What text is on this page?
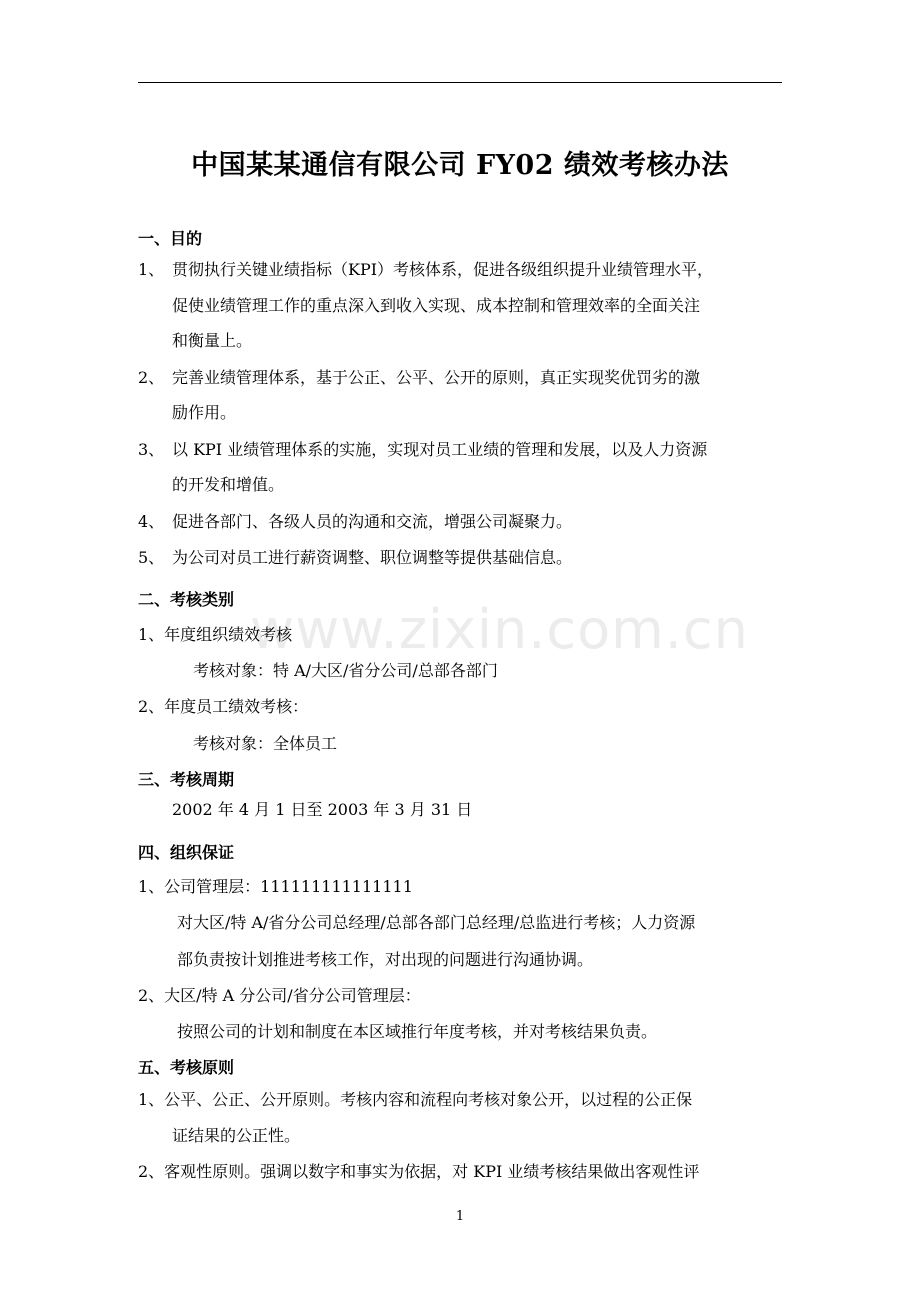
中国某某通信有限公司 FY02 绩效考核办法
www.zixin.com.cn
一、目的
1、 贯彻执行关键业绩指标（KPI）考核体系，促进各级组织提升业绩管理水平，
促使业绩管理工作的重点深入到收入实现、成本控制和管理效率的全面关注
和衡量上。
2、 完善业绩管理体系，基于公正、公平、公开的原则，真正实现奖优罚劣的激
励作用。
3、 以 KPI 业绩管理体系的实施，实现对员工业绩的管理和发展，以及人力资源
的开发和增值。
4、 促进各部门、各级人员的沟通和交流，增强公司凝聚力。
5、 为公司对员工进行薪资调整、职位调整等提供基础信息。
二、考核类别
1、年度组织绩效考核
考核对象：特 A/大区/省分公司/总部各部门
2、年度员工绩效考核：
考核对象：全体员工
三、考核周期
2002 年 4 月 1 日至 2003 年 3 月 31 日
四、组织保证
1、公司管理层：111111111111111
对大区/特 A/省分公司总经理/总部各部门总经理/总监进行考核；人力资源
部负责按计划推进考核工作，对出现的问题进行沟通协调。
2、大区/特 A 分公司/省分公司管理层：
按照公司的计划和制度在本区域推行年度考核，并对考核结果负责。
五、考核原则
1、公平、公正、公开原则。考核内容和流程向考核对象公开，以过程的公正保
证结果的公正性。
2、客观性原则。强调以数字和事实为依据，对 KPI 业绩考核结果做出客观性评
1
